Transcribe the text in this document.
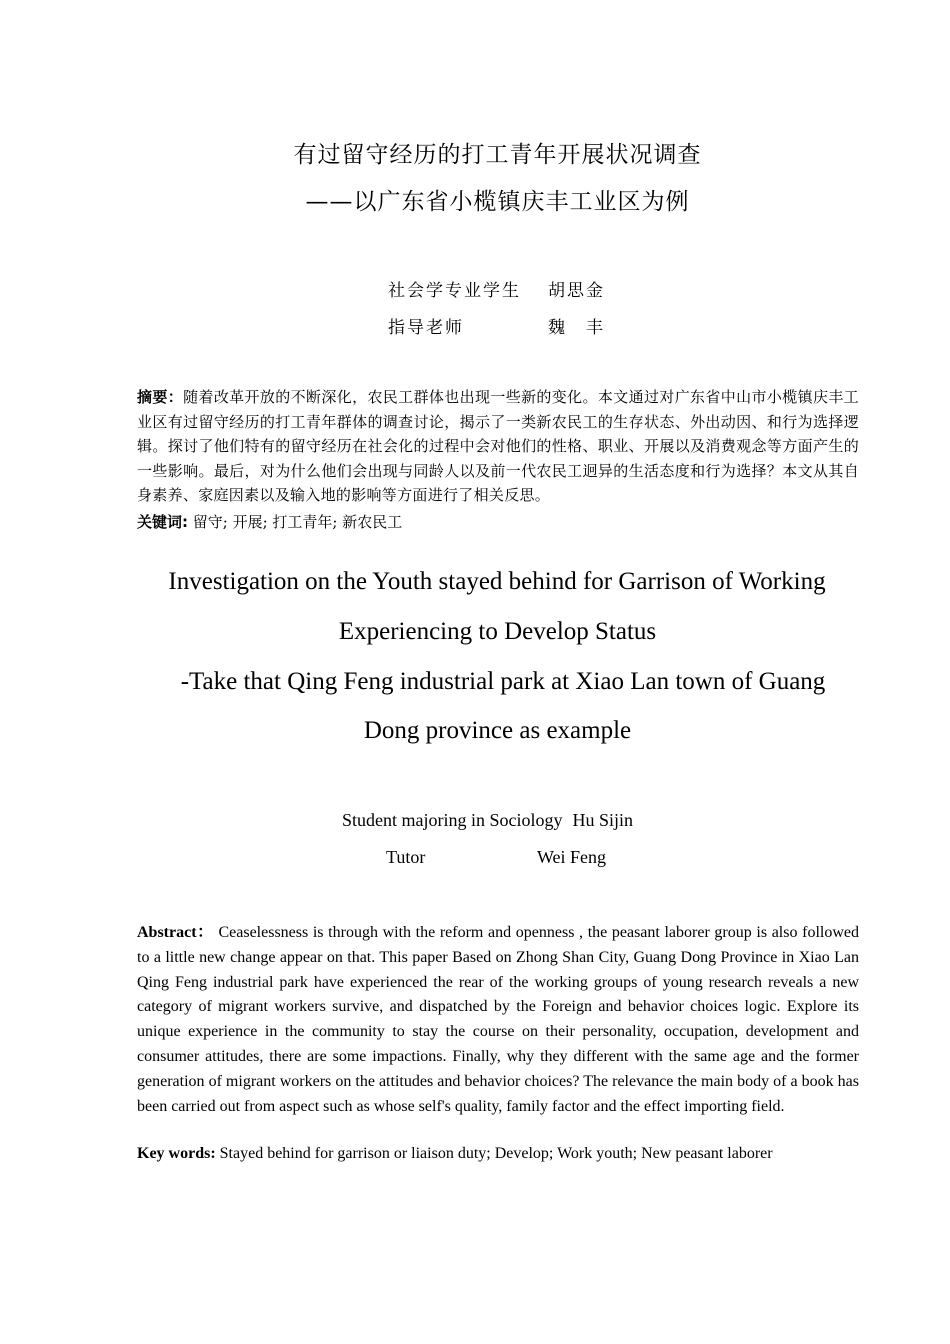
有过留守经历的打工青年开展状况调查
——以广东省小榄镇庆丰工业区为例
社会学专业学生 胡思金
指导老师	魏　丰
摘要：随着改革开放的不断深化，农民工群体也出现一些新的变化。本文通过对广东省中山市小榄镇庆丰工业区有过留守经历的打工青年群体的调查讨论，揭示了一类新农民工的生存状态、外出动因、和行为选择逻辑。探讨了他们特有的留守经历在社会化的过程中会对他们的性格、职业、开展以及消费观念等方面产生的一些影响。最后，对为什么他们会出现与同龄人以及前一代农民工迥异的生活态度和行为选择？本文从其自身素养、家庭因素以及输入地的影响等方面进行了相关反思。
关键词: 留守; 开展; 打工青年; 新农民工
Investigation on the Youth stayed behind for Garrison of Working
Experiencing to Develop Status
-Take that Qing Feng industrial park at Xiao Lan town of Guang
Dong province as example
Student majoring in Sociology Hu Sijin
Tutor	Wei Feng
Abstract： Ceaselessness is through with the reform and openness , the peasant laborer group is also followed to a little new change appear on that. This paper Based on Zhong Shan City, Guang Dong Province in Xiao Lan Qing Feng industrial park have experienced the rear of the working groups of young research reveals a new category of migrant workers survive, and dispatched by the Foreign and behavior choices logic. Explore its unique experience in the community to stay the course on their personality, occupation, development and consumer attitudes, there are some impactions. Finally, why they different with the same age and the former generation of migrant workers on the attitudes and behavior choices? The relevance the main body of a book has been carried out from aspect such as whose self's quality, family factor and the effect importing field.
Key words: Stayed behind for garrison or liaison duty; Develop; Work youth; New peasant laborer
